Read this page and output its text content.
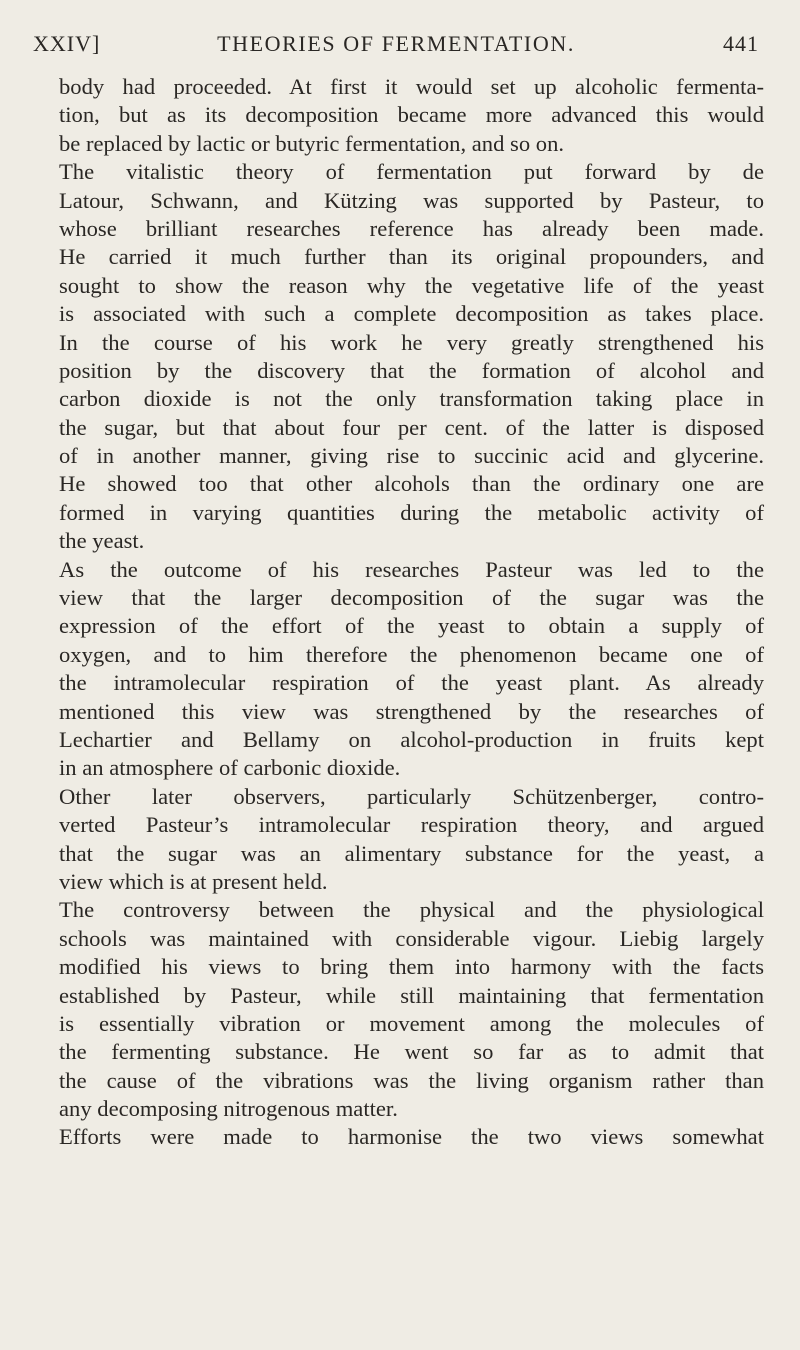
XXIV]	THEORIES OF FERMENTATION.	441
body had proceeded. At first it would set up alcoholic fermenta-
tion, but as its decomposition became more advanced this would
be replaced by lactic or butyric fermentation, and so on.
The vitalistic theory of fermentation put forward by de
Latour, Schwann, and Kützing was supported by Pasteur, to
whose brilliant researches reference has already been made.
He carried it much further than its original propounders, and
sought to show the reason why the vegetative life of the yeast
is associated with such a complete decomposition as takes place.
In the course of his work he very greatly strengthened his
position by the discovery that the formation of alcohol and
carbon dioxide is not the only transformation taking place in
the sugar, but that about four per cent. of the latter is disposed
of in another manner, giving rise to succinic acid and glycerine.
He showed too that other alcohols than the ordinary one are
formed in varying quantities during the metabolic activity of
the yeast.
As the outcome of his researches Pasteur was led to the
view that the larger decomposition of the sugar was the
expression of the effort of the yeast to obtain a supply of
oxygen, and to him therefore the phenomenon became one of
the intramolecular respiration of the yeast plant. As already
mentioned this view was strengthened by the researches of
Lechartier and Bellamy on alcohol-production in fruits kept
in an atmosphere of carbonic dioxide.
Other later observers, particularly Schützenberger, contro-
verted Pasteur’s intramolecular respiration theory, and argued
that the sugar was an alimentary substance for the yeast, a
view which is at present held.
The controversy between the physical and the physiological
schools was maintained with considerable vigour. Liebig largely
modified his views to bring them into harmony with the facts
established by Pasteur, while still maintaining that fermentation
is essentially vibration or movement among the molecules of
the fermenting substance. He went so far as to admit that
the cause of the vibrations was the living organism rather than
any decomposing nitrogenous matter.
Efforts were made to harmonise the two views somewhat
